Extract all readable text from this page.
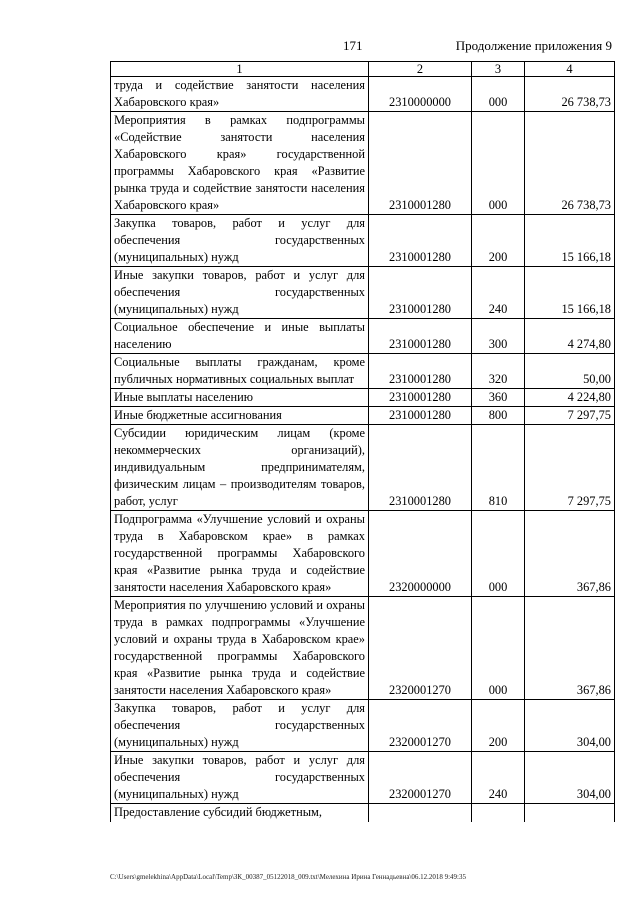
171	Продолжение приложения 9
1	2	3	4
труда и содействие занятости населения Хабаровского края»	2310000000	000	26 738,73
Мероприятия в рамках подпрограммы «Содействие занятости населения Хабаровского края» государственной программы Хабаровского края «Развитие рынка труда и содействие занятости населения Хабаровского края»	2310001280	000	26 738,73
Закупка товаров, работ и услуг для обеспечения государственных (муниципальных) нужд	2310001280	200	15 166,18
Иные закупки товаров, работ и услуг для обеспечения государственных (муниципальных) нужд	2310001280	240	15 166,18
Социальное обеспечение и иные выплаты населению	2310001280	300	4 274,80
Социальные выплаты гражданам, кроме публичных нормативных социальных выплат	2310001280	320	50,00
Иные выплаты населению	2310001280	360	4 224,80
Иные бюджетные ассигнования	2310001280	800	7 297,75
Субсидии юридическим лицам (кроме некоммерческих организаций), индивидуальным предпринимателям, физическим лицам – производителям товаров, работ, услуг	2310001280	810	7 297,75
Подпрограмма «Улучшение условий и охраны труда в Хабаровском крае» в рамках государственной программы Хабаровского края «Развитие рынка труда и содействие занятости населения Хабаровского края»	2320000000	000	367,86
Мероприятия по улучшению условий и охраны труда в рамках подпрограммы «Улучшение условий и охраны труда в Хабаровском крае» государственной программы Хабаровского края «Развитие рынка труда и содействие занятости населения Хабаровского края»	2320001270	000	367,86
Закупка товаров, работ и услуг для обеспечения государственных (муниципальных) нужд	2320001270	200	304,00
Иные закупки товаров, работ и услуг для обеспечения государственных (муниципальных) нужд	2320001270	240	304,00
Предоставление субсидий бюджетным,			
C:\Users\gmelekhina\AppData\Local\Temp\ЗК_00387_05122018_009.txt\Мелехина Ирина Геннадьевна\06.12.2018 9:49:35
